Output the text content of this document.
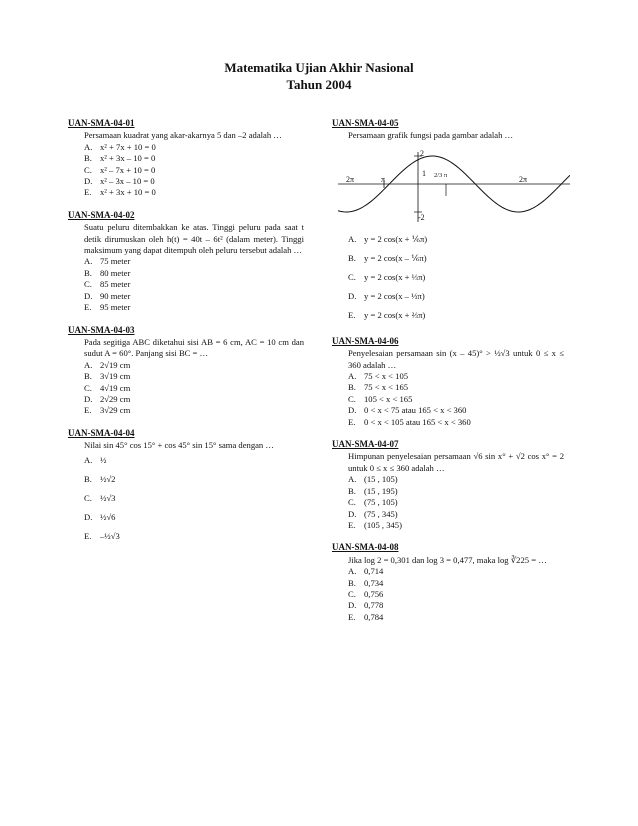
Matematika Ujian Akhir Nasional
Tahun 2004
UAN-SMA-04-01
Persamaan kuadrat yang akar-akarnya 5 dan –2 adalah …
A. x² + 7x + 10 = 0
B. x² + 3x – 10 = 0
C. x² – 7x + 10 = 0
D. x² – 3x – 10 = 0
E. x² + 3x + 10 = 0
UAN-SMA-04-02
Suatu peluru ditembakkan ke atas. Tinggi peluru pada saat t detik dirumuskan oleh h(t) = 40t – 6t² (dalam meter). Tinggi maksimum yang dapat ditempuh oleh peluru tersebut adalah …
A. 75 meter
B. 80 meter
C. 85 meter
D. 90 meter
E. 95 meter
UAN-SMA-04-03
Pada segitiga ABC diketahui sisi AB = 6 cm, AC = 10 cm dan sudut A = 60°. Panjang sisi BC = …
A. 2√19 cm
B. 3√19 cm
C. 4√19 cm
D. 2√29 cm
E. 3√29 cm
UAN-SMA-04-04
Nilai sin 45° cos 15° + cos 45° sin 15° sama dengan …
A. ½
B. ½√2
C. ½√3
D. ½√6
E. –½√3
UAN-SMA-04-05
Persamaan grafik fungsi pada gambar adalah …
2
1
-2
2π	π	2/3 π	2π
A. y = 2 cos(x + ⅙π)
B. y = 2 cos(x – ⅙π)
C. y = 2 cos(x + ⅓π)
D. y = 2 cos(x – ⅓π)
E. y = 2 cos(x + ⅔π)
UAN-SMA-04-06
Penyelesaian persamaan sin (x – 45)° > ½√3 untuk 0 ≤ x ≤ 360 adalah …
A. 75 < x < 105
B. 75 < x < 165
C. 105 < x < 165
D. 0 < x < 75 atau 165 < x < 360
E. 0 < x < 105 atau 165 < x < 360
UAN-SMA-04-07
Himpunan penyelesaian persamaan √6 sin x° + √2 cos x° = 2 untuk 0 ≤ x ≤ 360 adalah …
A. (15 , 105)
B. (15 , 195)
C. (75 , 105)
D. (75 , 345)
E. (105 , 345)
UAN-SMA-04-08
Jika log 2 = 0,301 dan log 3 = 0,477, maka log ∛225 = …
A. 0,714
B. 0,734
C. 0,756
D. 0,778
E. 0,784
